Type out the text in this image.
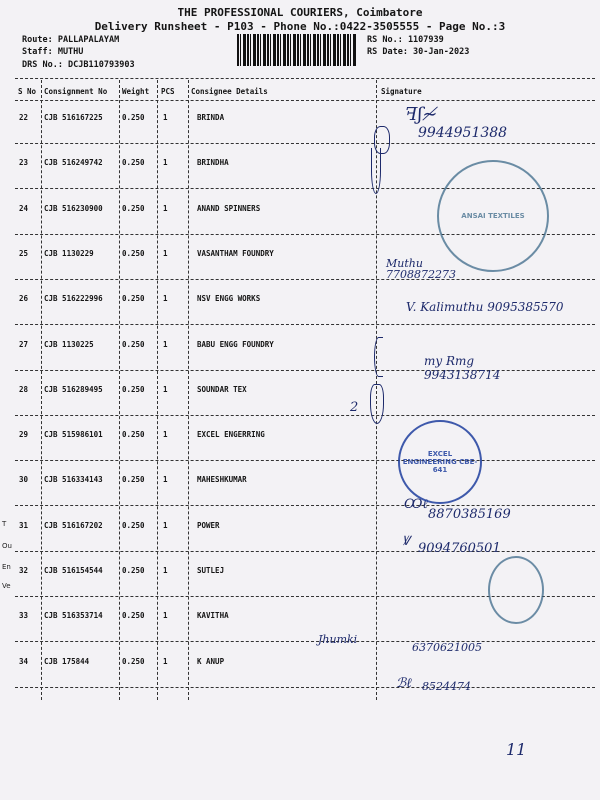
THE PROFESSIONAL COURIERS, Coimbatore
Delivery Runsheet - P103 - Phone No.:0422-3505555 - Page No.:3
Route: PALLAPALAYAM
Staff: MUTHU
DRS No.: DCJB110793903
RS No.: 1107939
RS Date: 30-Jan-2023
S No Consignment No Weight PCS Consignee Details	Signature
22 CJB 516167225	0.250 1	BRINDA
23 CJB 516249742	0.250 1	BRINDHA
24 CJB 516230900	0.250 1	ANAND SPINNERS
25 CJB 1130229	0.250 1	VASANTHAM FOUNDRY
26 CJB 516222996	0.250 1	NSV ENGG WORKS
27 CJB 1130225	0.250 1	BABU ENGG FOUNDRY
28 CJB 516289495	0.250 1	SOUNDAR TEX
29 CJB 515986101	0.250 1	EXCEL ENGERRING
30 CJB 516334143	0.250 1	MAHESHKUMAR
31 CJB 516167202	0.250 1	POWER
32 CJB 516154544	0.250 1	SUTLEJ
33 CJB 516353714	0.250 1	KAVITHA
34 CJB 175844	0.250 1	K ANUP
ꟻʃ≁
9944951388
Muthu 7708872273
V. Kalimuthu 9095385570
my Rmg 9943138714
2
Ꝏℓ
8870385169
Ꝟ 9094760501
Jhumki
6370621005
ℬℓ 8524474
ANSAI TEXTILES
EXCEL ENGINEERING CBE-641
T
Ou
En
Ve
11
